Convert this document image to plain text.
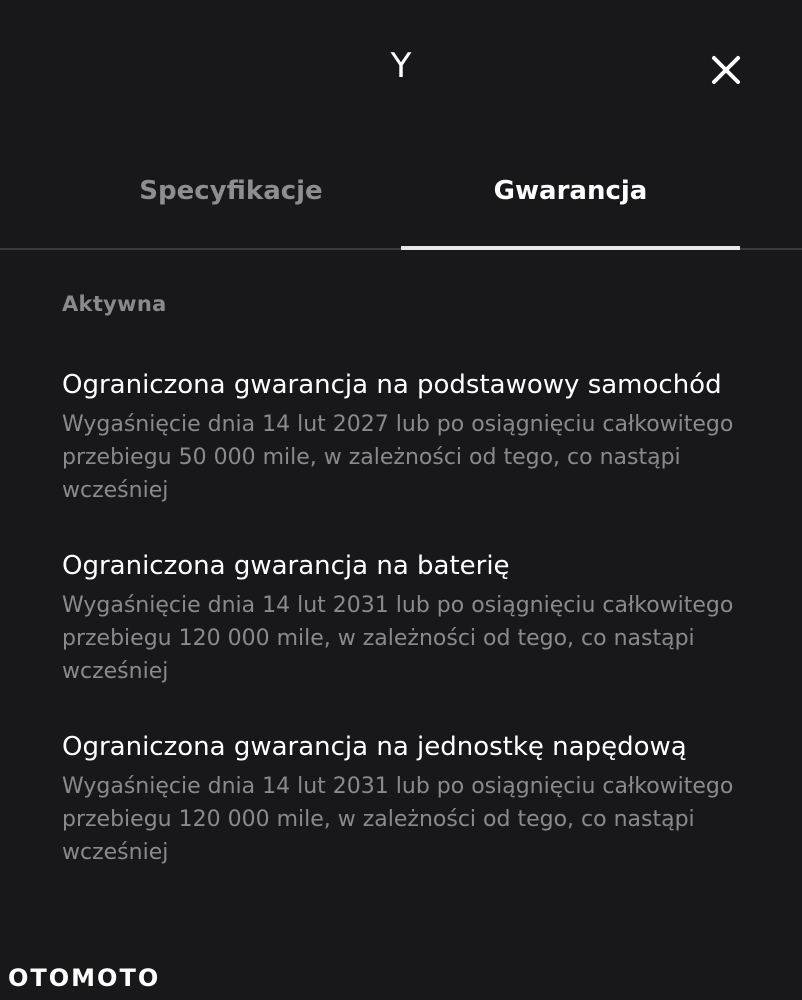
Y
Specyfikacje	Gwarancja
Aktywna
Ograniczona gwarancja na podstawowy samochód
Wygaśnięcie dnia 14 lut 2027 lub po osiągnięciu całkowitego przebiegu 50 000 mile, w zależności od tego, co nastąpi wcześniej
Ograniczona gwarancja na baterię
Wygaśnięcie dnia 14 lut 2031 lub po osiągnięciu całkowitego przebiegu 120 000 mile, w zależności od tego, co nastąpi wcześniej
Ograniczona gwarancja na jednostkę napędową
Wygaśnięcie dnia 14 lut 2031 lub po osiągnięciu całkowitego przebiegu 120 000 mile, w zależności od tego, co nastąpi wcześniej
OTOMOTO
